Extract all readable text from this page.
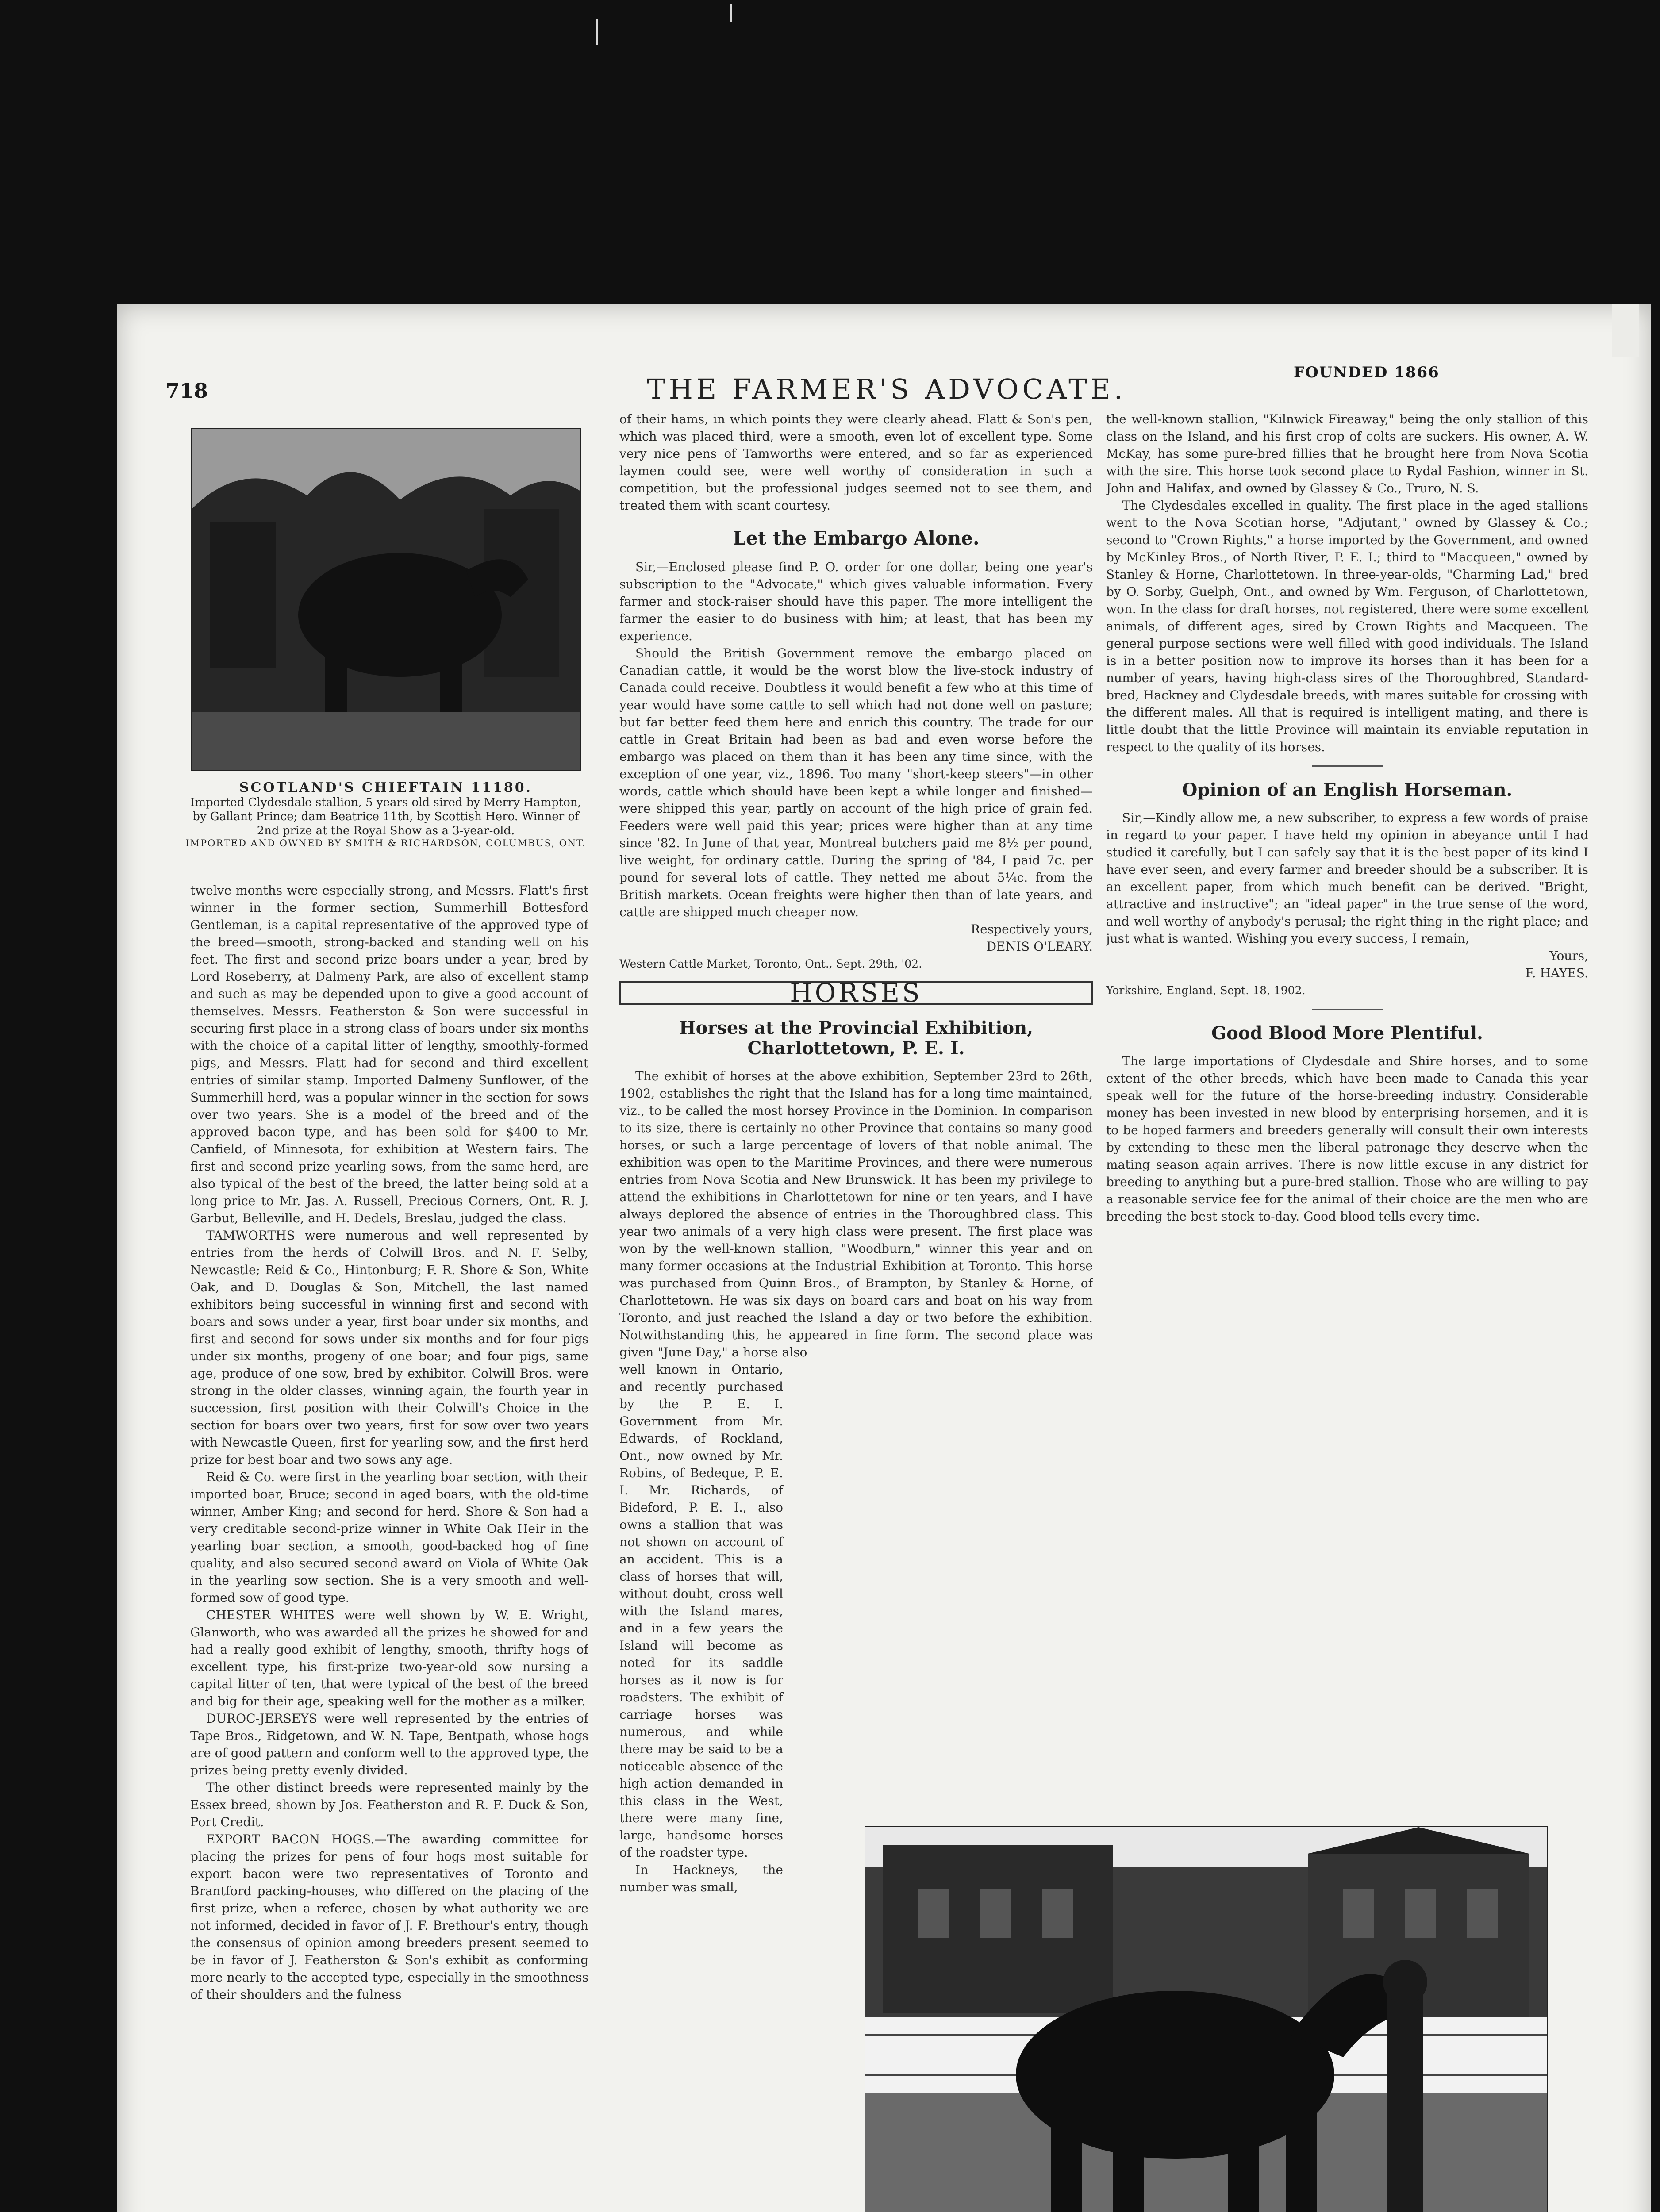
718	THE FARMER'S ADVOCATE.
FOUNDED 1866
SCOTLAND'S CHIEFTAIN 11180.
Imported Clydesdale stallion, 5 years old sired by Merry Hampton, by Gallant Prince; dam Beatrice 11th, by Scottish Hero. Winner of 2nd prize at the Royal Show as a 3-year-old.
IMPORTED AND OWNED BY SMITH & RICHARDSON, COLUMBUS, ONT.

twelve months were especially strong, and Messrs. Flatt's first winner in the former section, Summerhill Bottesford Gentleman, is a capital representative of the approved type of the breed—smooth, strong-backed and standing well on his feet. The first and second prize boars under a year, bred by Lord Roseberry, at Dalmeny Park, are also of excellent stamp and such as may be depended upon to give a good account of themselves. Messrs. Featherston & Son were successful in securing first place in a strong class of boars under six months with the choice of a capital litter of lengthy, smoothly-formed pigs, and Messrs. Flatt had for second and third excellent entries of similar stamp. Imported Dalmeny Sunflower, of the Summerhill herd, was a popular winner in the section for sows over two years. She is a model of the breed and of the approved bacon type, and has been sold for $400 to Mr. Canfield, of Minnesota, for exhibition at Western fairs. The first and second prize yearling sows, from the same herd, are also typical of the best of the breed, the latter being sold at a long price to Mr. Jas. A. Russell, Precious Corners, Ont. R. J. Garbut, Belleville, and H. Dedels, Breslau, judged the class.

TAMWORTHS were numerous and well represented by entries from the herds of Colwill Bros. and N. F. Selby, Newcastle; Reid & Co., Hintonburg; F. R. Shore & Son, White Oak, and D. Douglas & Son, Mitchell, the last named exhibitors being successful in winning first and second with boars and sows under a year, first boar under six months, and first and second for sows under six months and for four pigs under six months, progeny of one boar; and four pigs, same age, produce of one sow, bred by exhibitor. Colwill Bros. were strong in the older classes, winning again, the fourth year in succession, first position with their Colwill's Choice in the section for boars over two years, first for sow over two years with Newcastle Queen, first for yearling sow, and the first herd prize for best boar and two sows any age.

Reid & Co. were first in the yearling boar section, with their imported boar, Bruce; second in aged boars, with the old-time winner, Amber King; and second for herd. Shore & Son had a very creditable second-prize winner in White Oak Heir in the yearling boar section, a smooth, good-backed hog of fine quality, and also secured second award on Viola of White Oak in the yearling sow section. She is a very smooth and well-formed sow of good type.

CHESTER WHITES were well shown by W. E. Wright, Glanworth, who was awarded all the prizes he showed for and had a really good exhibit of lengthy, smooth, thrifty hogs of excellent type, his first-prize two-year-old sow nursing a capital litter of ten, that were typical of the best of the breed and big for their age, speaking well for the mother as a milker.

DUROC-JERSEYS were well represented by the entries of Tape Bros., Ridgetown, and W. N. Tape, Bentpath, whose hogs are of good pattern and conform well to the approved type, the prizes being pretty evenly divided.

The other distinct breeds were represented mainly by the Essex breed, shown by Jos. Featherston and R. F. Duck & Son, Port Credit.

EXPORT BACON HOGS.—The awarding committee for placing the prizes for pens of four hogs most suitable for export bacon were two representatives of Toronto and Brantford packing-houses, who differed on the placing of the first prize, when a referee, chosen by what authority we are not informed, decided in favor of J. F. Brethour's entry, though the consensus of opinion among breeders present seemed to be in favor of J. Featherston & Son's exhibit as conforming more nearly to the accepted type, especially in the smoothness of their shoulders and the fulness

of their hams, in which points they were clearly ahead. Flatt & Son's pen, which was placed third, were a smooth, even lot of excellent type. Some very nice pens of Tamworths were entered, and so far as experienced laymen could see, were well worthy of consideration in such a competition, but the professional judges seemed not to see them, and treated them with scant courtesy.

Let the Embargo Alone.

Sir,—Enclosed please find P. O. order for one dollar, being one year's subscription to the "Advocate," which gives valuable information. Every farmer and stock-raiser should have this paper. The more intelligent the farmer the easier to do business with him; at least, that has been my experience.

Should the British Government remove the embargo placed on Canadian cattle, it would be the worst blow the live-stock industry of Canada could receive. Doubtless it would benefit a few who at this time of year would have some cattle to sell which had not done well on pasture; but far better feed them here and enrich this country. The trade for our cattle in Great Britain had been as bad and even worse before the embargo was placed on them than it has been any time since, with the exception of one year, viz., 1896. Too many "short-keep steers"—in other words, cattle which should have been kept a while longer and finished—were shipped this year, partly on account of the high price of grain fed. Feeders were well paid this year; prices were higher than at any time since '82. In June of that year, Montreal butchers paid me 8½ per pound, live weight, for ordinary cattle. During the spring of '84, I paid 7c. per pound for several lots of cattle. They netted me about 5¼c. from the British markets. Ocean freights were higher then than of late years, and cattle are shipped much cheaper now.

Respectively yours,

DENIS O'LEARY.

Western Cattle Market, Toronto, Ont., Sept. 29th, '02.

HORSES
Horses at the Provincial Exhibition, Charlottetown, P. E. I.

The exhibit of horses at the above exhibition, September 23rd to 26th, 1902, establishes the right that the Island has for a long time maintained, viz., to be called the most horsey Province in the Dominion. In comparison to its size, there is certainly no other Province that contains so many good horses, or such a large percentage of lovers of that noble animal. The exhibition was open to the Maritime Provinces, and there were numerous entries from Nova Scotia and New Brunswick. It has been my privilege to attend the exhibitions in Charlottetown for nine or ten years, and I have always deplored the absence of entries in the Thoroughbred class. This year two animals of a very high class were present. The first place was won by the well-known stallion, "Woodburn," winner this year and on many former occasions at the Industrial Exhibition at Toronto. This horse was purchased from Quinn Bros., of Brampton, by Stanley & Horne, of Charlottetown. He was six days on board cars and boat on his way from Toronto, and just reached the Island a day or two before the exhibition. Notwithstanding this, he appeared in fine form. The second place was given "June Day," a horse also

well known in Ontario, and recently purchased by the P. E. I. Government from Mr. Edwards, of Rockland, Ont., now owned by Mr. Robins, of Bedeque, P. E. I. Mr. Richards, of Bideford, P. E. I., also owns a stallion that was not shown on account of an accident. This is a class of horses that will, without doubt, cross well with the Island mares, and in a few years the Island will become as noted for its saddle horses as it now is for roadsters. The exhibit of carriage horses was numerous, and while there may be said to be a noticeable absence of the high action demanded in this class in the West, there were many fine, large, handsome horses of the roadster type.

In Hackneys, the number was small,

the well-known stallion, "Kilnwick Fireaway," being the only stallion of this class on the Island, and his first crop of colts are suckers. His owner, A. W. McKay, has some pure-bred fillies that he brought here from Nova Scotia with the sire. This horse took second place to Rydal Fashion, winner in St. John and Halifax, and owned by Glassey & Co., Truro, N. S.

The Clydesdales excelled in quality. The first place in the aged stallions went to the Nova Scotian horse, "Adjutant," owned by Glassey & Co.; second to "Crown Rights," a horse imported by the Government, and owned by McKinley Bros., of North River, P. E. I.; third to "Macqueen," owned by Stanley & Horne, Charlottetown. In three-year-olds, "Charming Lad," bred by O. Sorby, Guelph, Ont., and owned by Wm. Ferguson, of Charlottetown, won. In the class for draft horses, not registered, there were some excellent animals, of different ages, sired by Crown Rights and Macqueen. The general purpose sections were well filled with good individuals. The Island is in a better position now to improve its horses than it has been for a number of years, having high-class sires of the Thoroughbred, Standard-bred, Hackney and Clydesdale breeds, with mares suitable for crossing with the different males. All that is required is intelligent mating, and there is little doubt that the little Province will maintain its enviable reputation in respect to the quality of its horses.

Opinion of an English Horseman.

Sir,—Kindly allow me, a new subscriber, to express a few words of praise in regard to your paper. I have held my opinion in abeyance until I had studied it carefully, but I can safely say that it is the best paper of its kind I have ever seen, and every farmer and breeder should be a subscriber. It is an excellent paper, from which much benefit can be derived. "Bright, attractive and instructive"; an "ideal paper" in the true sense of the word, and well worthy of anybody's perusal; the right thing in the right place; and just what is wanted. Wishing you every success, I remain,

Yours,

F. HAYES.

Yorkshire, England, Sept. 18, 1902.

Good Blood More Plentiful.

The large importations of Clydesdale and Shire horses, and to some extent of the other breeds, which have been made to Canada this year speak well for the future of the horse-breeding industry. Considerable money has been invested in new blood by enterprising horsemen, and it is to be hoped farmers and breeders generally will consult their own interests by extending to these men the liberal patronage they deserve when the mating season again arrives. There is now little excuse in any district for breeding to anything but a pure-bred stallion. Those who are willing to pay a reasonable service fee for the animal of their choice are the men who are breeding the best stock to-day. Good blood tells every time.
